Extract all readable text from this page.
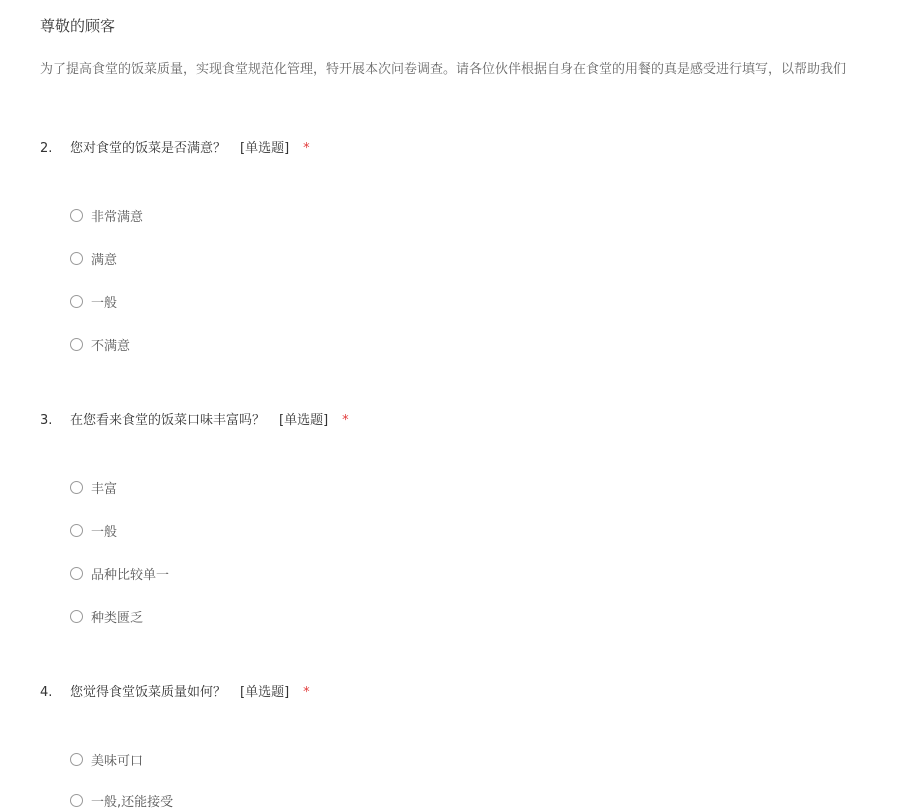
尊敬的顾客
为了提高食堂的饭菜质量，实现食堂规范化管理，特开展本次问卷调查。请各位伙伴根据自身在食堂的用餐的真是感受进行填写，以帮助我们
2. 您对食堂的饭菜是否满意？ [单选题] *
非常满意
满意
一般
不满意
3. 在您看来食堂的饭菜口味丰富吗？ [单选题] *
丰富
一般
品种比较单一
种类匮乏
4. 您觉得食堂饭菜质量如何？ [单选题] *
美味可口
一般,还能接受
